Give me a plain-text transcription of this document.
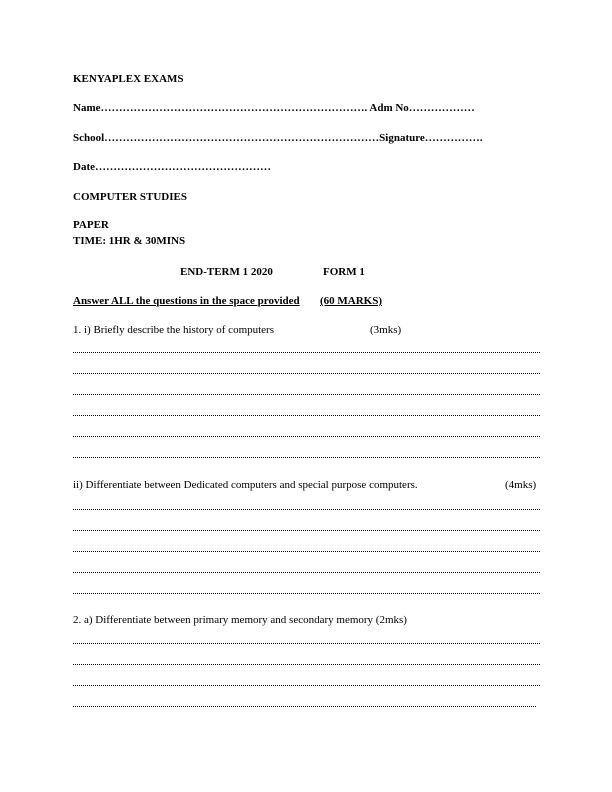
KENYAPLEX EXAMS
Name………………………………………………………………. Adm No………………
School…………………………………………………………………Signature…………….
Date…………………………………………
COMPUTER STUDIES
PAPER
TIME: 1HR & 30MINS
END-TERM 1 2020	FORM 1
Answer ALL the questions in the space provided (60 MARKS)
1. i) Briefly describe the history of computers	(3mks)
ii) Differentiate between Dedicated computers and special purpose computers.	(4mks)
2. a) Differentiate between primary memory and secondary memory (2mks)
